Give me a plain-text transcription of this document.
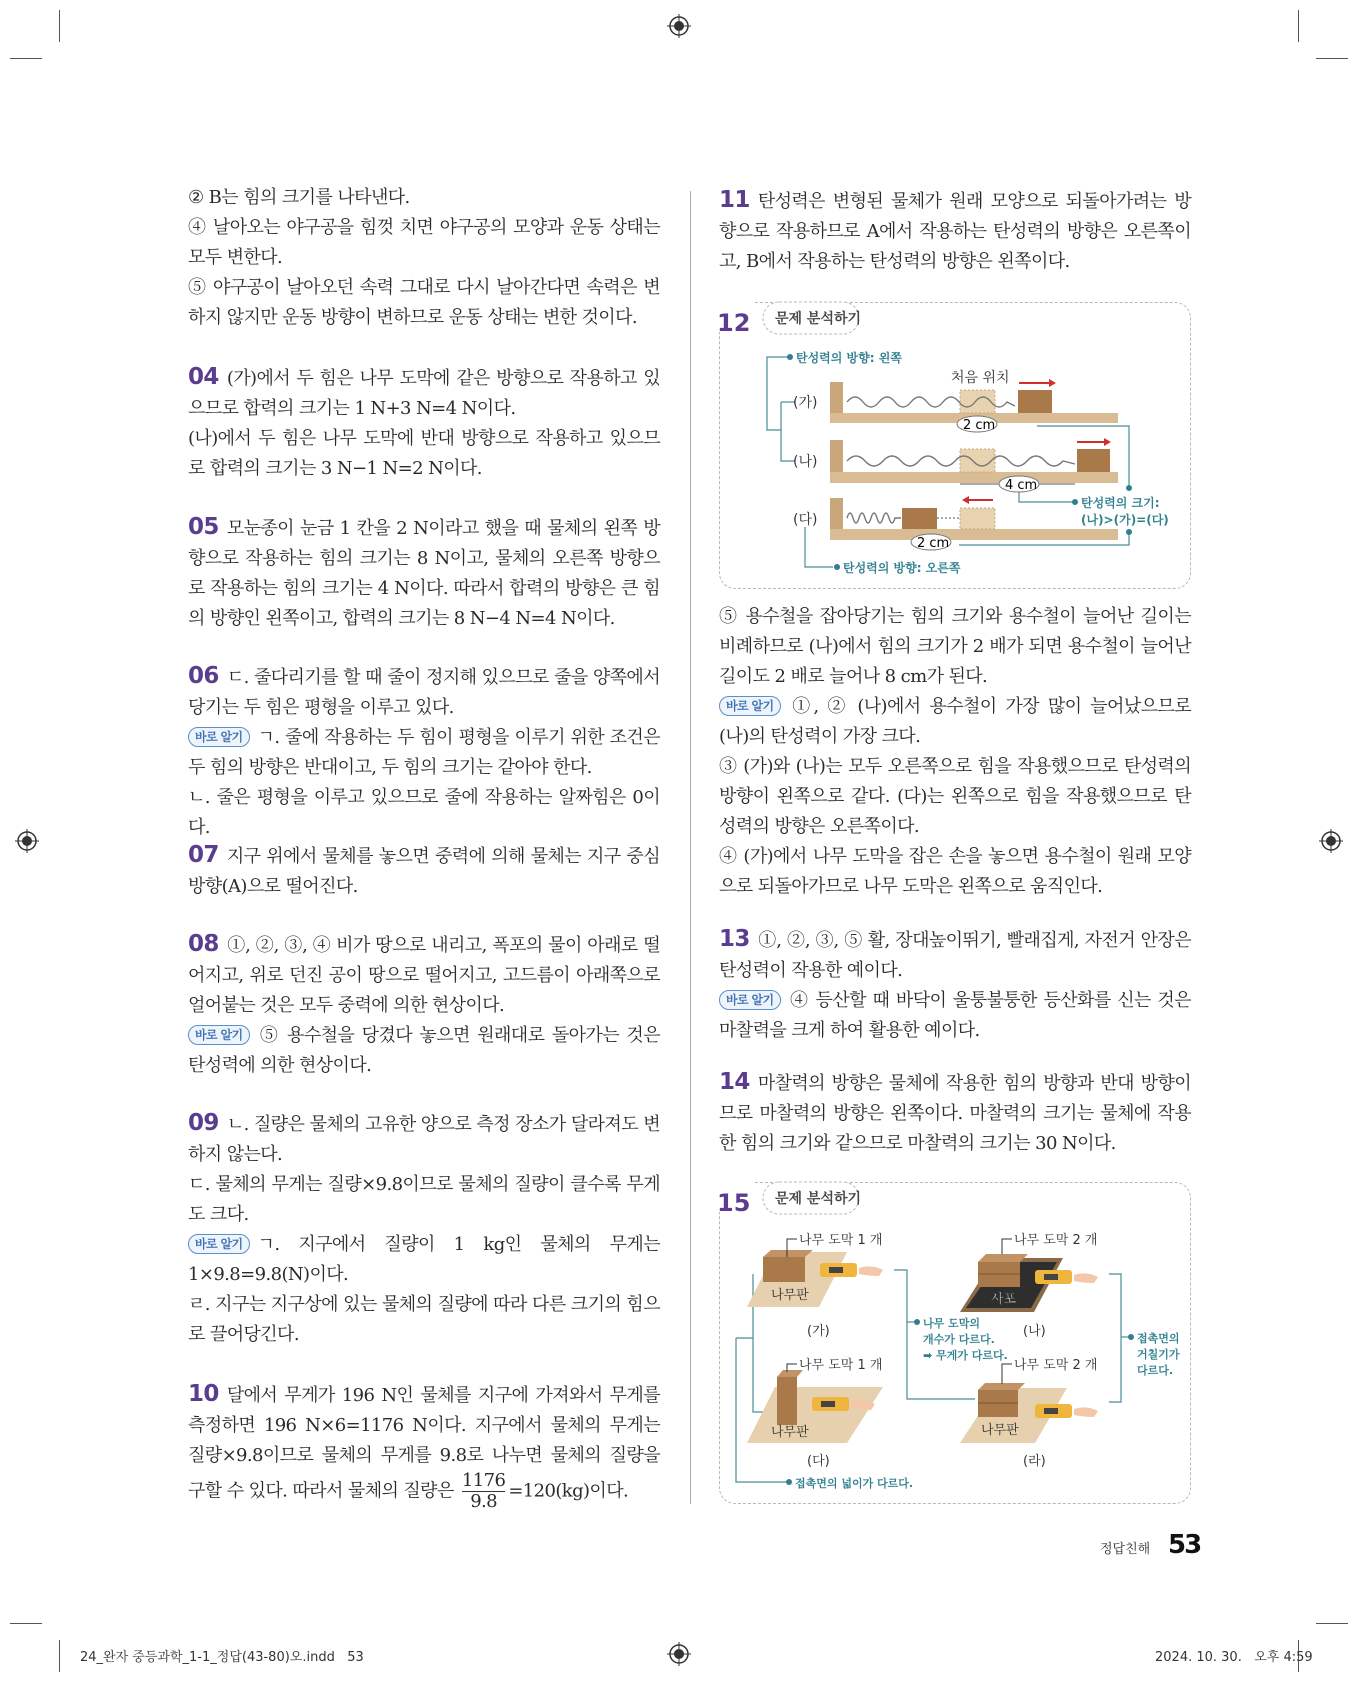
② B는 힘의 크기를 나타낸다.
④ 날아오는 야구공을 힘껏 치면 야구공의 모양과 운동 상태는 모두 변한다.
⑤ 야구공이 날아오던 속력 그대로 다시 날아간다면 속력은 변하지 않지만 운동 방향이 변하므로 운동 상태는 변한 것이다.
04 (가)에서 두 힘은 나무 도막에 같은 방향으로 작용하고 있으므로 합력의 크기는 1 N+3 N=4 N이다.
(나)에서 두 힘은 나무 도막에 반대 방향으로 작용하고 있으므로 합력의 크기는 3 N−1 N=2 N이다.
05 모눈종이 눈금 1 칸을 2 N이라고 했을 때 물체의 왼쪽 방향으로 작용하는 힘의 크기는 8 N이고, 물체의 오른쪽 방향으로 작용하는 힘의 크기는 4 N이다. 따라서 합력의 방향은 큰 힘의 방향인 왼쪽이고, 합력의 크기는 8 N−4 N=4 N이다.
06 ㄷ. 줄다리기를 할 때 줄이 정지해 있으므로 줄을 양쪽에서 당기는 두 힘은 평형을 이루고 있다.
바로 알기 ㄱ. 줄에 작용하는 두 힘이 평형을 이루기 위한 조건은 두 힘의 방향은 반대이고, 두 힘의 크기는 같아야 한다.
ㄴ. 줄은 평형을 이루고 있으므로 줄에 작용하는 알짜힘은 0이다.
07 지구 위에서 물체를 놓으면 중력에 의해 물체는 지구 중심 방향(A)으로 떨어진다.
08 ①, ②, ③, ④ 비가 땅으로 내리고, 폭포의 물이 아래로 떨어지고, 위로 던진 공이 땅으로 떨어지고, 고드름이 아래쪽으로 얼어붙는 것은 모두 중력에 의한 현상이다.
바로 알기 ⑤ 용수철을 당겼다 놓으면 원래대로 돌아가는 것은 탄성력에 의한 현상이다.
09 ㄴ. 질량은 물체의 고유한 양으로 측정 장소가 달라져도 변하지 않는다.
ㄷ. 물체의 무게는 질량×9.8이므로 물체의 질량이 클수록 무게도 크다.
바로 알기 ㄱ. 지구에서 질량이 1 kg인 물체의 무게는 1×9.8=9.8(N)이다.
ㄹ. 지구는 지구상에 있는 물체의 질량에 따라 다른 크기의 힘으로 끌어당긴다.
10 달에서 무게가 196 N인 물체를 지구에 가져와서 무게를 측정하면 196 N×6=1176 N이다. 지구에서 물체의 무게는 질량×9.8이므로 물체의 무게를 9.8로 나누면 물체의 질량을 구할 수 있다. 따라서 물체의 질량은 $\frac{1176}{9.8} =120(kg)$이다.
11 탄성력은 변형된 물체가 원래 모양으로 되돌아가려는 방향으로 작용하므로 A에서 작용하는 탄성력의 방향은 오른쪽이고, B에서 작용하는 탄성력의 방향은 왼쪽이다.
⑤ 용수철을 잡아당기는 힘의 크기와 용수철이 늘어난 길이는 비례하므로 (나)에서 힘의 크기가 2 배가 되면 용수철이 늘어난 길이도 2 배로 늘어나 8 cm가 된다.
바로 알기 ①, ② (나)에서 용수철이 가장 많이 늘어났으므로 (나)의 탄성력이 가장 크다.
③ (가)와 (나)는 모두 오른쪽으로 힘을 작용했으므로 탄성력의 방향이 왼쪽으로 같다. (다)는 왼쪽으로 힘을 작용했으므로 탄성력의 방향은 오른쪽이다.
④ (가)에서 나무 도막을 잡은 손을 놓으면 용수철이 원래 모양으로 되돌아가므로 나무 도막은 왼쪽으로 움직인다.
13 ①, ②, ③, ⑤ 활, 장대높이뛰기, 빨래집게, 자전거 안장은 탄성력이 작용한 예이다.
바로 알기 ④ 등산할 때 바닥이 울퉁불퉁한 등산화를 신는 것은 마찰력을 크게 하여 활용한 예이다.
14 마찰력의 방향은 물체에 작용한 힘의 방향과 반대 방향이므로 마찰력의 방향은 왼쪽이다. 마찰력의 크기는 물체에 작용한 힘의 크기와 같으므로 마찰력의 크기는 30 N이다.
12 문제 분석하기
탄성력의 방향: 왼쪽
처음 위치
(가)
2 cm
(나)
4 cm
(다)
2 cm
탄성력의 크기:
(나)>(가)=(다)
탄성력의 방향: 오른쪽
15 문제 분석하기
나무 도막 1 개
나무판
(가)
나무 도막 2 개
사포
(나)
나무 도막의
개수가 다르다.
➡ 무게가 다르다.
나무 도막 1 개
나무판
(다)
나무 도막 2 개
나무판
(라)
접촉면의
거칠기가
다르다.
접촉면의 넓이가 다르다.
정답친해 53
24_완자 중등과학_1-1_정답(43-80)오.indd   53	2024. 10. 30.   오후 4:59
